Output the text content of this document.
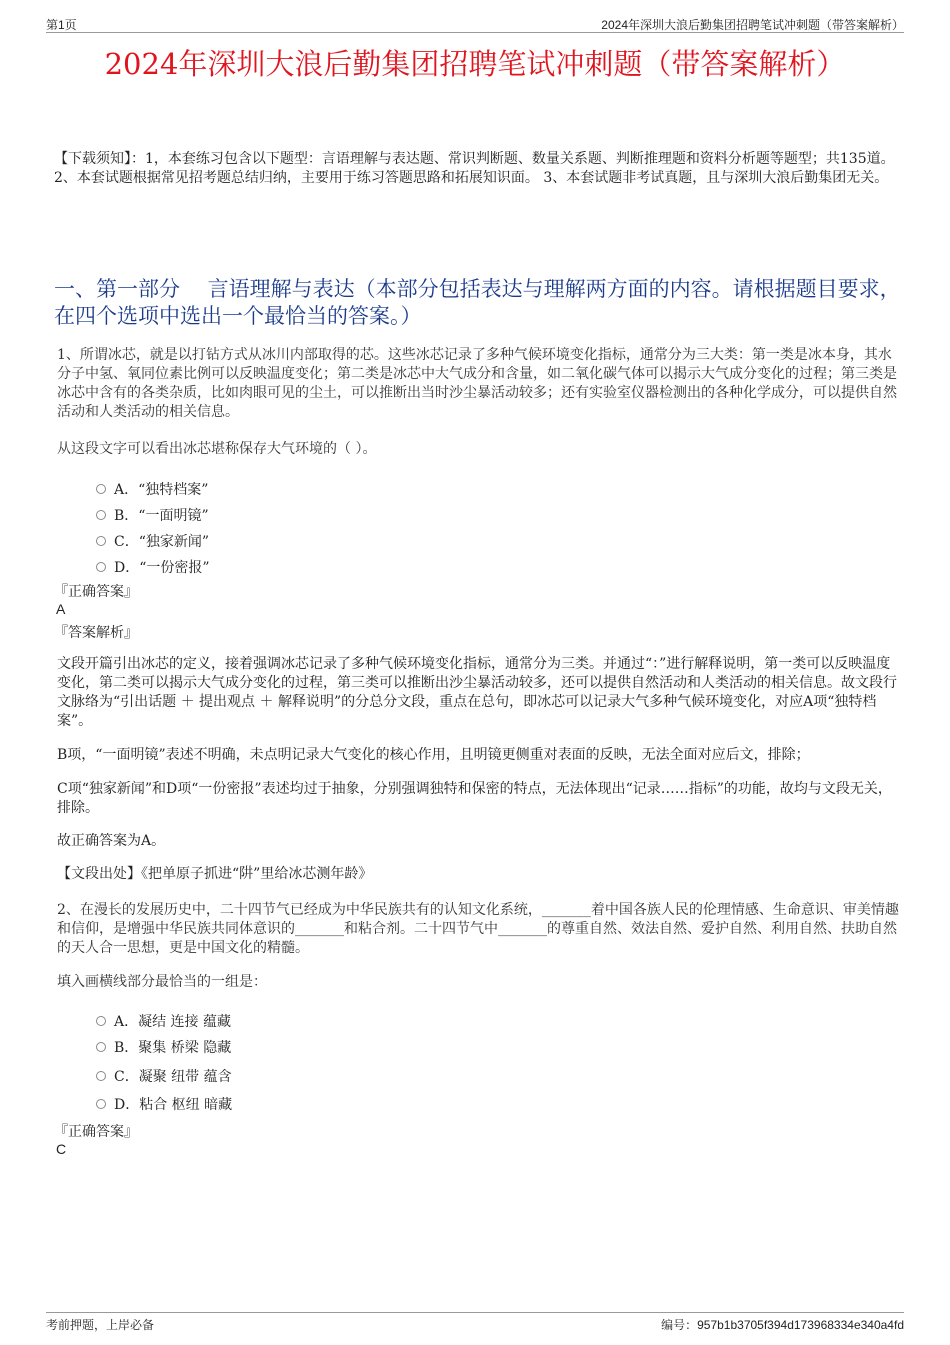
第1页	2024年深圳大浪后勤集团招聘笔试冲刺题（带答案解析）
2024年深圳大浪后勤集团招聘笔试冲刺题（带答案解析）
【下载须知】：1，本套练习包含以下题型：言语理解与表达题、常识判断题、数量关系题、判断推理题和资料分析题等题型；共135道。 2、本套试题根据常见招考题总结归纳，主要用于练习答题思路和拓展知识面。 3、本套试题非考试真题，且与深圳大浪后勤集团无关。
一、第一部分　 言语理解与表达（本部分包括表达与理解两方面的内容。请根据题目要求，在四个选项中选出一个最恰当的答案。）
1、所谓冰芯，就是以打钻方式从冰川内部取得的芯。这些冰芯记录了多种气候环境变化指标，通常分为三大类：第一类是冰本身，其水分子中氢、氧同位素比例可以反映温度变化；第二类是冰芯中大气成分和含量，如二氧化碳气体可以揭示大气成分变化的过程；第三类是冰芯中含有的各类杂质，比如肉眼可见的尘土，可以推断出当时沙尘暴活动较多；还有实验室仪器检测出的各种化学成分，可以提供自然活动和人类活动的相关信息。
从这段文字可以看出冰芯堪称保存大气环境的（ ）。
A．“独特档案”
B．“一面明镜”
C．“独家新闻”
D．“一份密报”
『正确答案』
A
『答案解析』
文段开篇引出冰芯的定义，接着强调冰芯记录了多种气候环境变化指标，通常分为三类。并通过“：”进行解释说明，第一类可以反映温度变化，第二类可以揭示大气成分变化的过程，第三类可以推断出沙尘暴活动较多，还可以提供自然活动和人类活动的相关信息。故文段行文脉络为“引出话题 ＋ 提出观点 ＋ 解释说明”的分总分文段，重点在总句，即冰芯可以记录大气多种气候环境变化，对应A项“独特档案”。
B项，“一面明镜”表述不明确，未点明记录大气变化的核心作用，且明镜更侧重对表面的反映，无法全面对应后文，排除；
C项“独家新闻”和D项“一份密报”表述均过于抽象，分别强调独特和保密的特点，无法体现出“记录……指标”的功能，故均与文段无关，排除。
故正确答案为A。
【文段出处】《把单原子抓进“阱”里给冰芯测年龄》
2、在漫长的发展历史中，二十四节气已经成为中华民族共有的认知文化系统，_______着中国各族人民的伦理情感、生命意识、审美情趣和信仰，是增强中华民族共同体意识的_______和粘合剂。二十四节气中_______的尊重自然、效法自然、爱护自然、利用自然、扶助自然的天人合一思想，更是中国文化的精髓。
填入画横线部分最恰当的一组是：
A．凝结 连接 蕴藏
B．聚集 桥梁 隐藏
C．凝聚 纽带 蕴含
D．粘合 枢纽 暗藏
『正确答案』
C
考前押题，上岸必备	编号：957b1b3705f394d173968334e340a4fd
